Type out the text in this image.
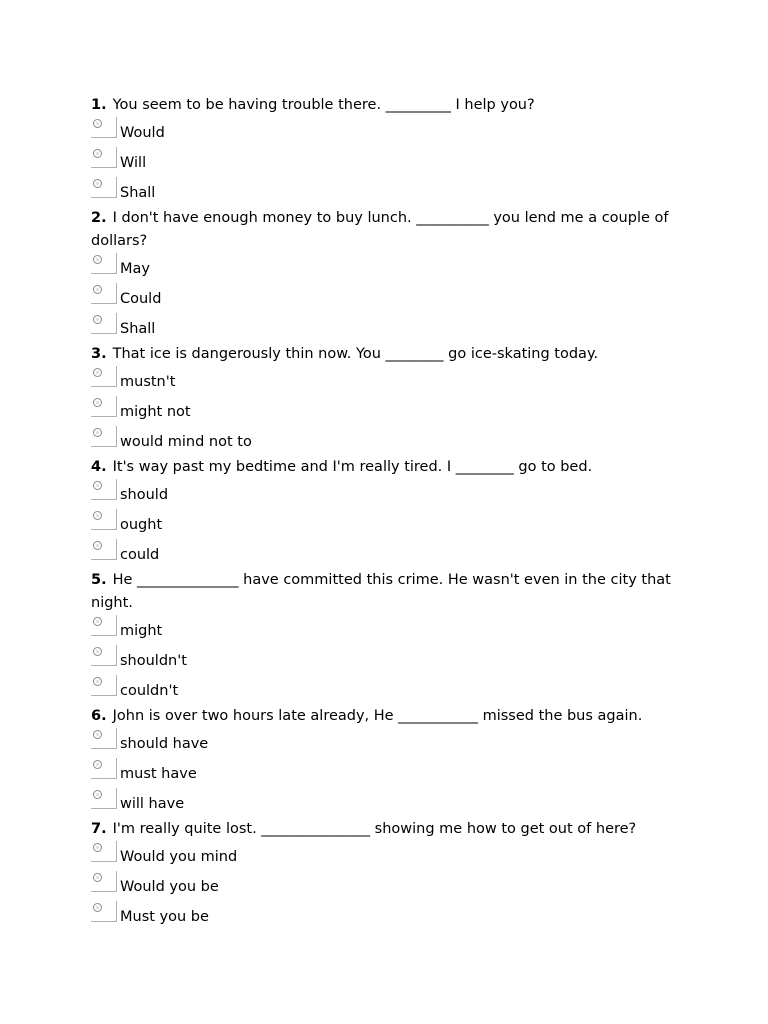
1. You seem to be having trouble there. _________ I help you?

Would
Will
Shall

2. I don't have enough money to buy lunch. __________ you lend me a couple of dollars?

May
Could
Shall

3. That ice is dangerously thin now. You ________ go ice-skating today.

mustn't
might not
would mind not to

4. It's way past my bedtime and I'm really tired. I ________ go to bed.

should
ought
could

5. He ______________ have committed this crime. He wasn't even in the city that night.

might
shouldn't
couldn't

6. John is over two hours late already, He ___________ missed the bus again.

should have
must have
will have

7. I'm really quite lost. _______________ showing me how to get out of here?

Would you mind
Would you be
Must you be
